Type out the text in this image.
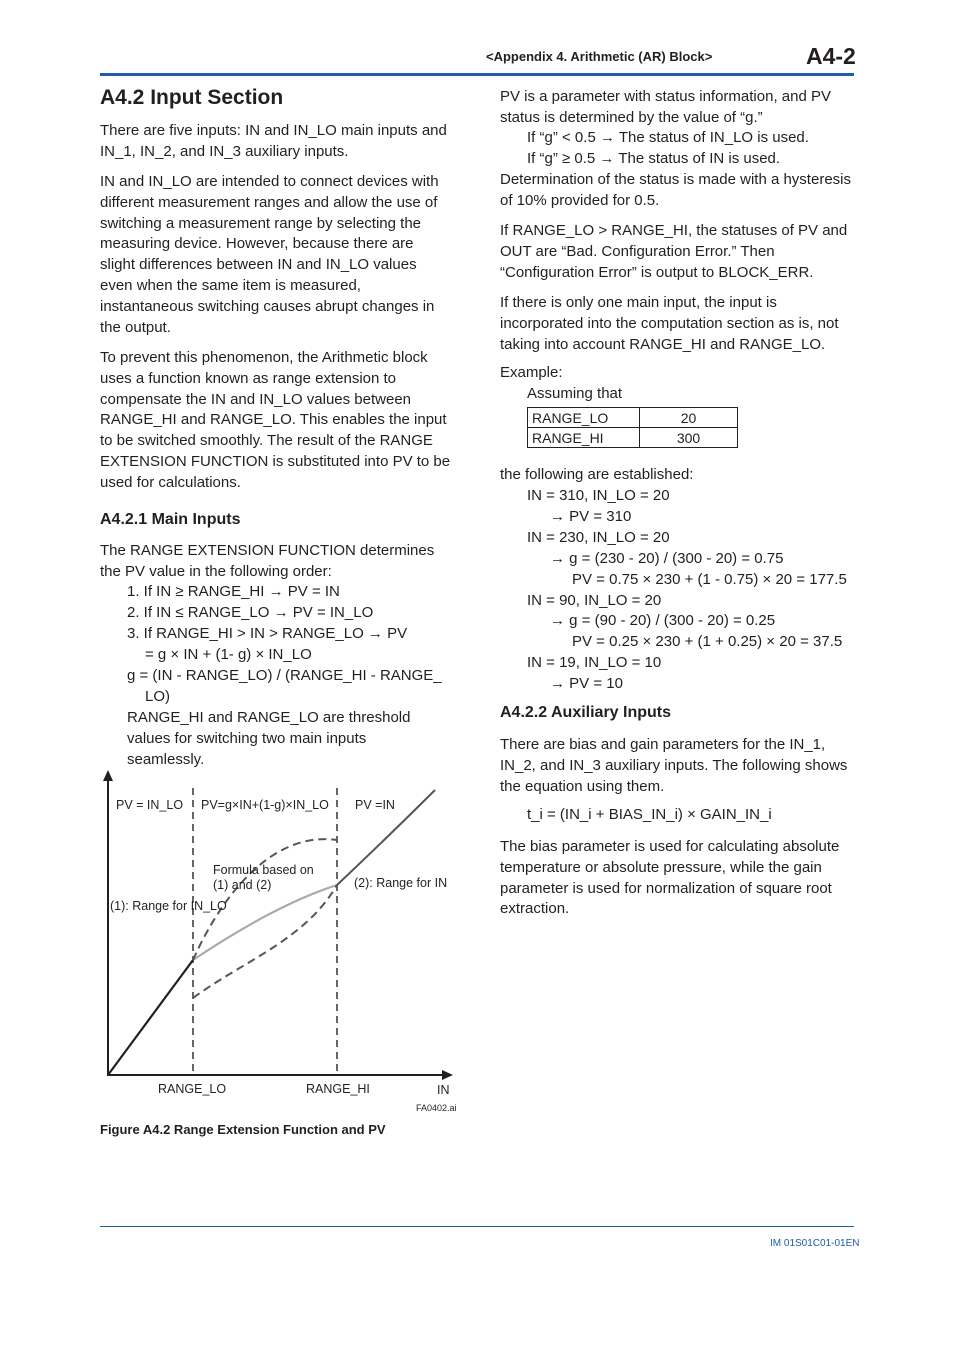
<Appendix 4. Arithmetic (AR) Block>	A4-2
A4.2 Input Section
There are five inputs: IN and IN_LO main inputs and IN_1, IN_2, and IN_3 auxiliary inputs.
IN and IN_LO are intended to connect devices with different measurement ranges and allow the use of switching a measurement range by selecting the measuring device. However, because there are slight differences between IN and IN_LO values even when the same item is measured, instantaneous switching causes abrupt changes in the output.
To prevent this phenomenon, the Arithmetic block uses a function known as range extension to compensate the IN and IN_LO values between RANGE_HI and RANGE_LO. This enables the input to be switched smoothly. The result of the RANGE EXTENSION FUNCTION is substituted into PV to be used for calculations.
A4.2.1 Main Inputs
The RANGE EXTENSION FUNCTION determines the PV value in the following order:
1. If IN ≥ RANGE_HI → PV = IN
2. If IN ≤ RANGE_LO → PV = IN_LO
3. If RANGE_HI > IN > RANGE_LO → PV
= g × IN + (1- g) × IN_LO
g = (IN - RANGE_LO) / (RANGE_HI - RANGE_
LO)
RANGE_HI and RANGE_LO are threshold values for switching two main inputs seamlessly.
PV = IN_LO PV=g×IN+(1-g)×IN_LO PV =IN
Formula based on
(1) and (2)	(2): Range for IN
(1): Range for IN_LO
RANGE_LO	RANGE_HI	IN
FA0402.ai
Figure A4.2 Range Extension Function and PV
PV is a parameter with status information, and PV status is determined by the value of “g.”
If “g” < 0.5 → The status of IN_LO is used.
If “g” ≥ 0.5 → The status of IN is used.
Determination of the status is made with a hysteresis of 10% provided for 0.5.
If RANGE_LO > RANGE_HI, the statuses of PV and OUT are “Bad. Configuration Error.” Then “Configuration Error” is output to BLOCK_ERR.
If there is only one main input, the input is incorporated into the computation section as is, not taking into account RANGE_HI and RANGE_LO.
Example:
Assuming that
RANGE_LO	20
RANGE_HI	300
the following are established:
IN = 310, IN_LO = 20
→ PV = 310
IN = 230, IN_LO = 20
→ g = (230 - 20) / (300 - 20) = 0.75
PV = 0.75 × 230 + (1 - 0.75) × 20 = 177.5
IN = 90, IN_LO = 20
→ g = (90 - 20) / (300 - 20) = 0.25
PV = 0.25 × 230 + (1 + 0.25) × 20 = 37.5
IN = 19, IN_LO = 10
→ PV = 10
A4.2.2 Auxiliary Inputs
There are bias and gain parameters for the IN_1, IN_2, and IN_3 auxiliary inputs. The following shows the equation using them.
t_i = (IN_i + BIAS_IN_i) × GAIN_IN_i
The bias parameter is used for calculating absolute temperature or absolute pressure, while the gain parameter is used for normalization of square root extraction.
IM 01S01C01-01EN
